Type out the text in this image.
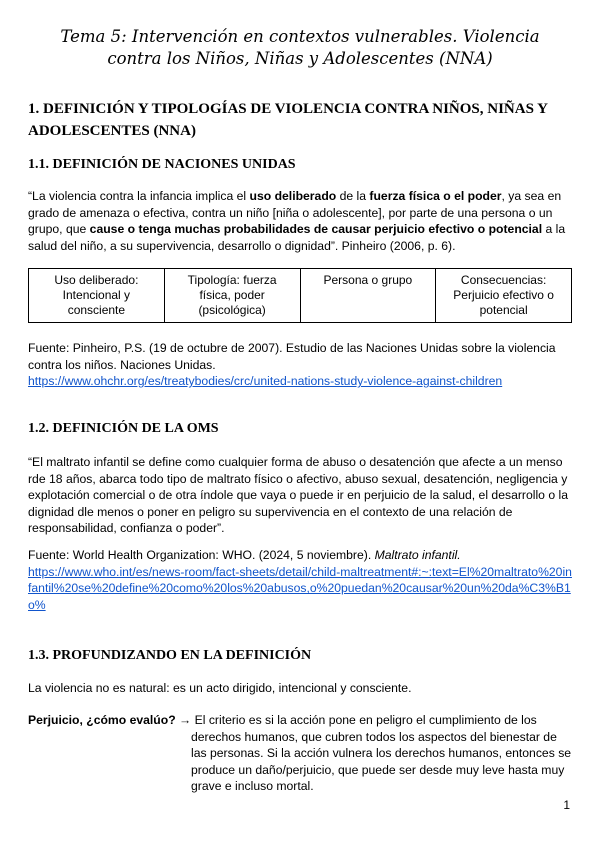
Tema 5: Intervención en contextos vulnerables. Violencia contra los Niños, Niñas y Adolescentes (NNA)
1. DEFINICIÓN Y TIPOLOGÍAS DE VIOLENCIA CONTRA NIÑOS, NIÑAS Y ADOLESCENTES (NNA)
1.1. DEFINICIÓN DE NACIONES UNIDAS
“La violencia contra la infancia implica el uso deliberado de la fuerza física o el poder, ya sea en grado de amenaza o efectiva, contra un niño [niña o adolescente], por parte de una persona o un grupo, que cause o tenga muchas probabilidades de causar perjuicio efectivo o potencial a la salud del niño, a su supervivencia, desarrollo o dignidad”. Pinheiro (2006, p. 6).
Uso deliberado: Intencional y consciente	Tipología: fuerza física, poder (psicológica)	Persona o grupo	Consecuencias: Perjuicio efectivo o potencial
Fuente: Pinheiro, P.S. (19 de octubre de 2007). Estudio de las Naciones Unidas sobre la violencia contra los niños. Naciones Unidas.
https://www.ohchr.org/es/treatybodies/crc/united-nations-study-violence-against-children
1.2. DEFINICIÓN DE LA OMS
“El maltrato infantil se define como cualquier forma de abuso o desatención que afecte a un menso rde 18 años, abarca todo tipo de maltrato físico o afectivo, abuso sexual, desatención, negligencia y explotación comercial o de otra índole que vaya o puede ir en perjuicio de la salud, el desarrollo o la dignidad dle menos o poner en peligro su supervivencia en el contexto de una relación de responsabilidad, confianza o poder”.
Fuente: World Health Organization: WHO. (2024, 5 noviembre). Maltrato infantil.
https://www.who.int/es/news-room/fact-sheets/detail/child-maltreatment#:~:text=El%20maltrato%20infantil%20se%20define%20como%20los%20abusos,o%20puedan%20causar%20un%20da%C3%B1o%
1.3. PROFUNDIZANDO EN LA DEFINICIÓN
La violencia no es natural: es un acto dirigido, intencional y consciente.
Perjuicio, ¿cómo evalúo? → El criterio es si la acción pone en peligro el cumplimiento de los
derechos humanos, que cubren todos los aspectos del bienestar de las personas. Si la acción vulnera los derechos humanos, entonces se produce un daño/perjuicio, que puede ser desde muy leve hasta muy grave e incluso mortal.
1
